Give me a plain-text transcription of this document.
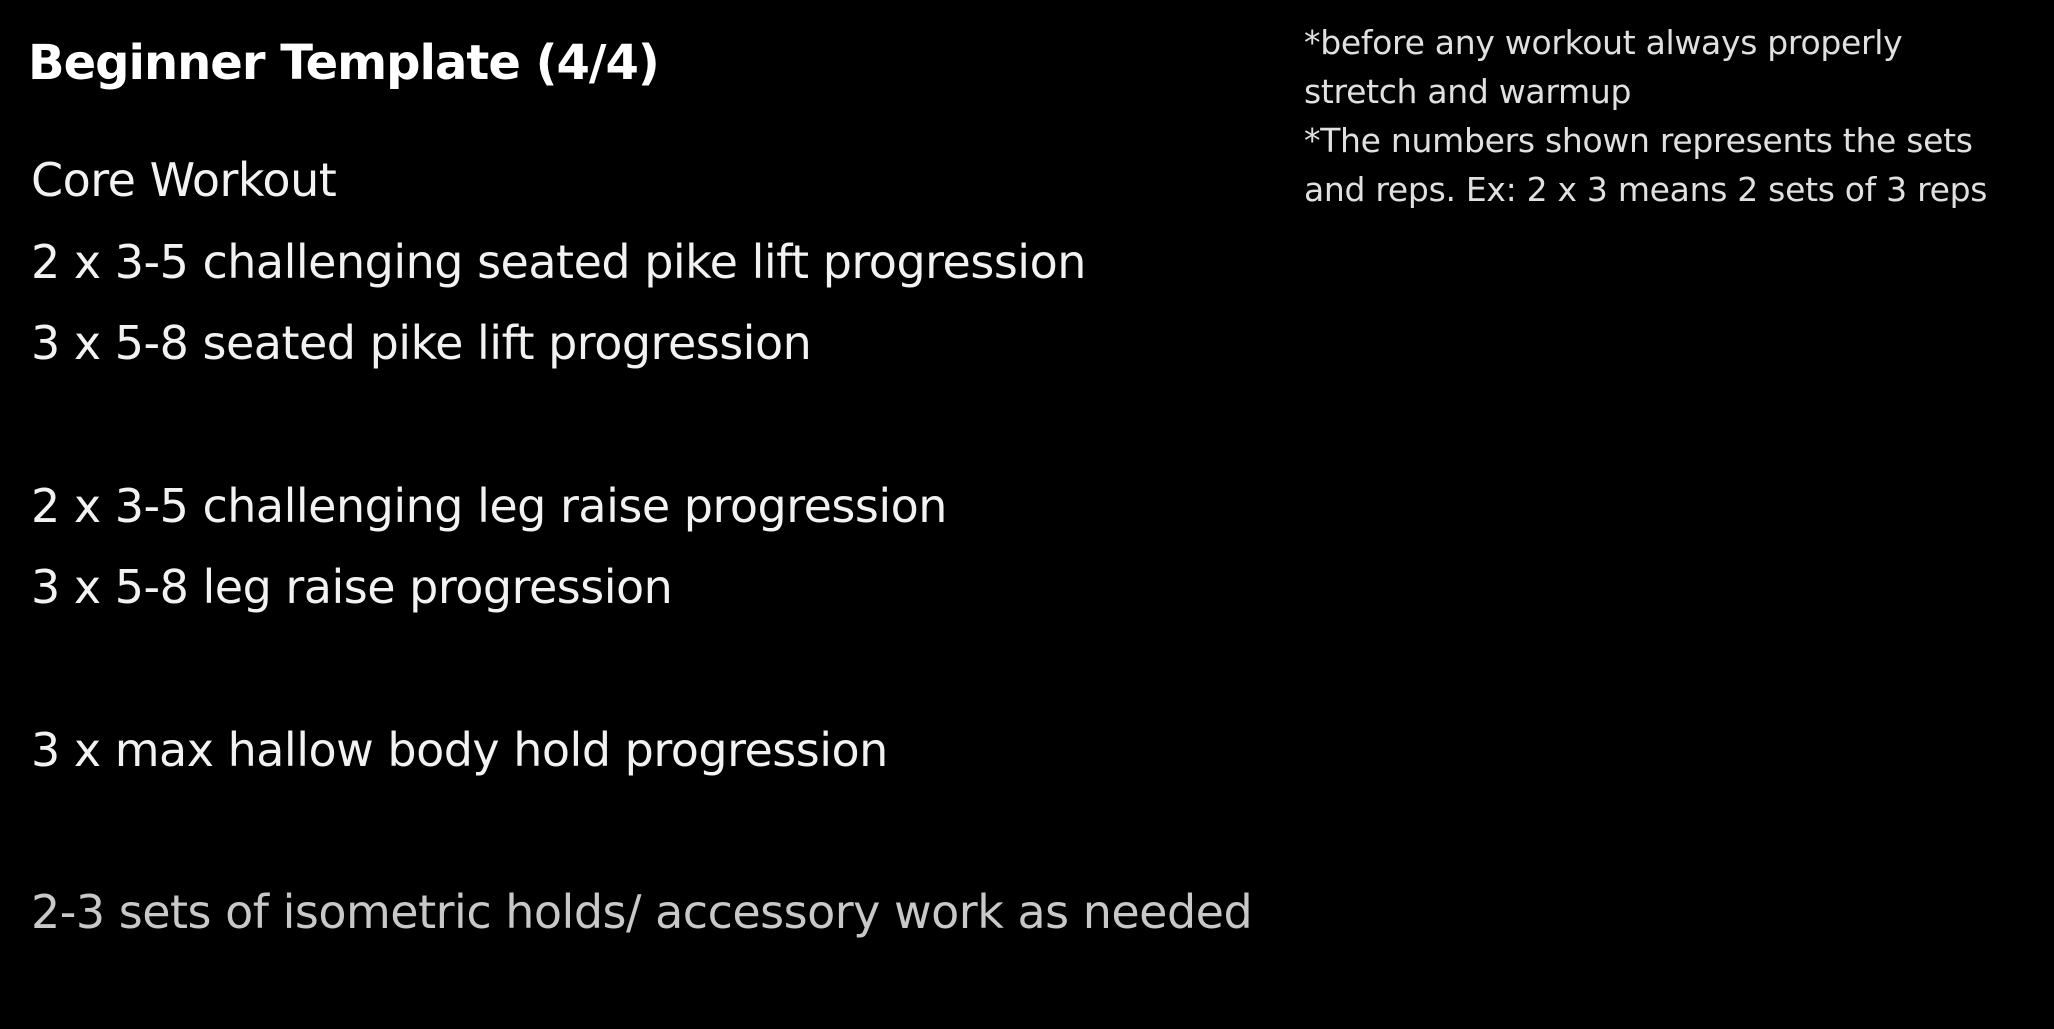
Beginner Template (4/4)
Core Workout
2 x 3-5 challenging seated pike lift progression
3 x 5-8 seated pike lift progression
2 x 3-5 challenging leg raise progression
3 x 5-8 leg raise progression
3 x max hallow body hold progression
2-3 sets of isometric holds/ accessory work as needed
*before any workout always properly stretch and warmup
*The numbers shown represents the sets and reps. Ex: 2 x 3 means 2 sets of 3 reps
